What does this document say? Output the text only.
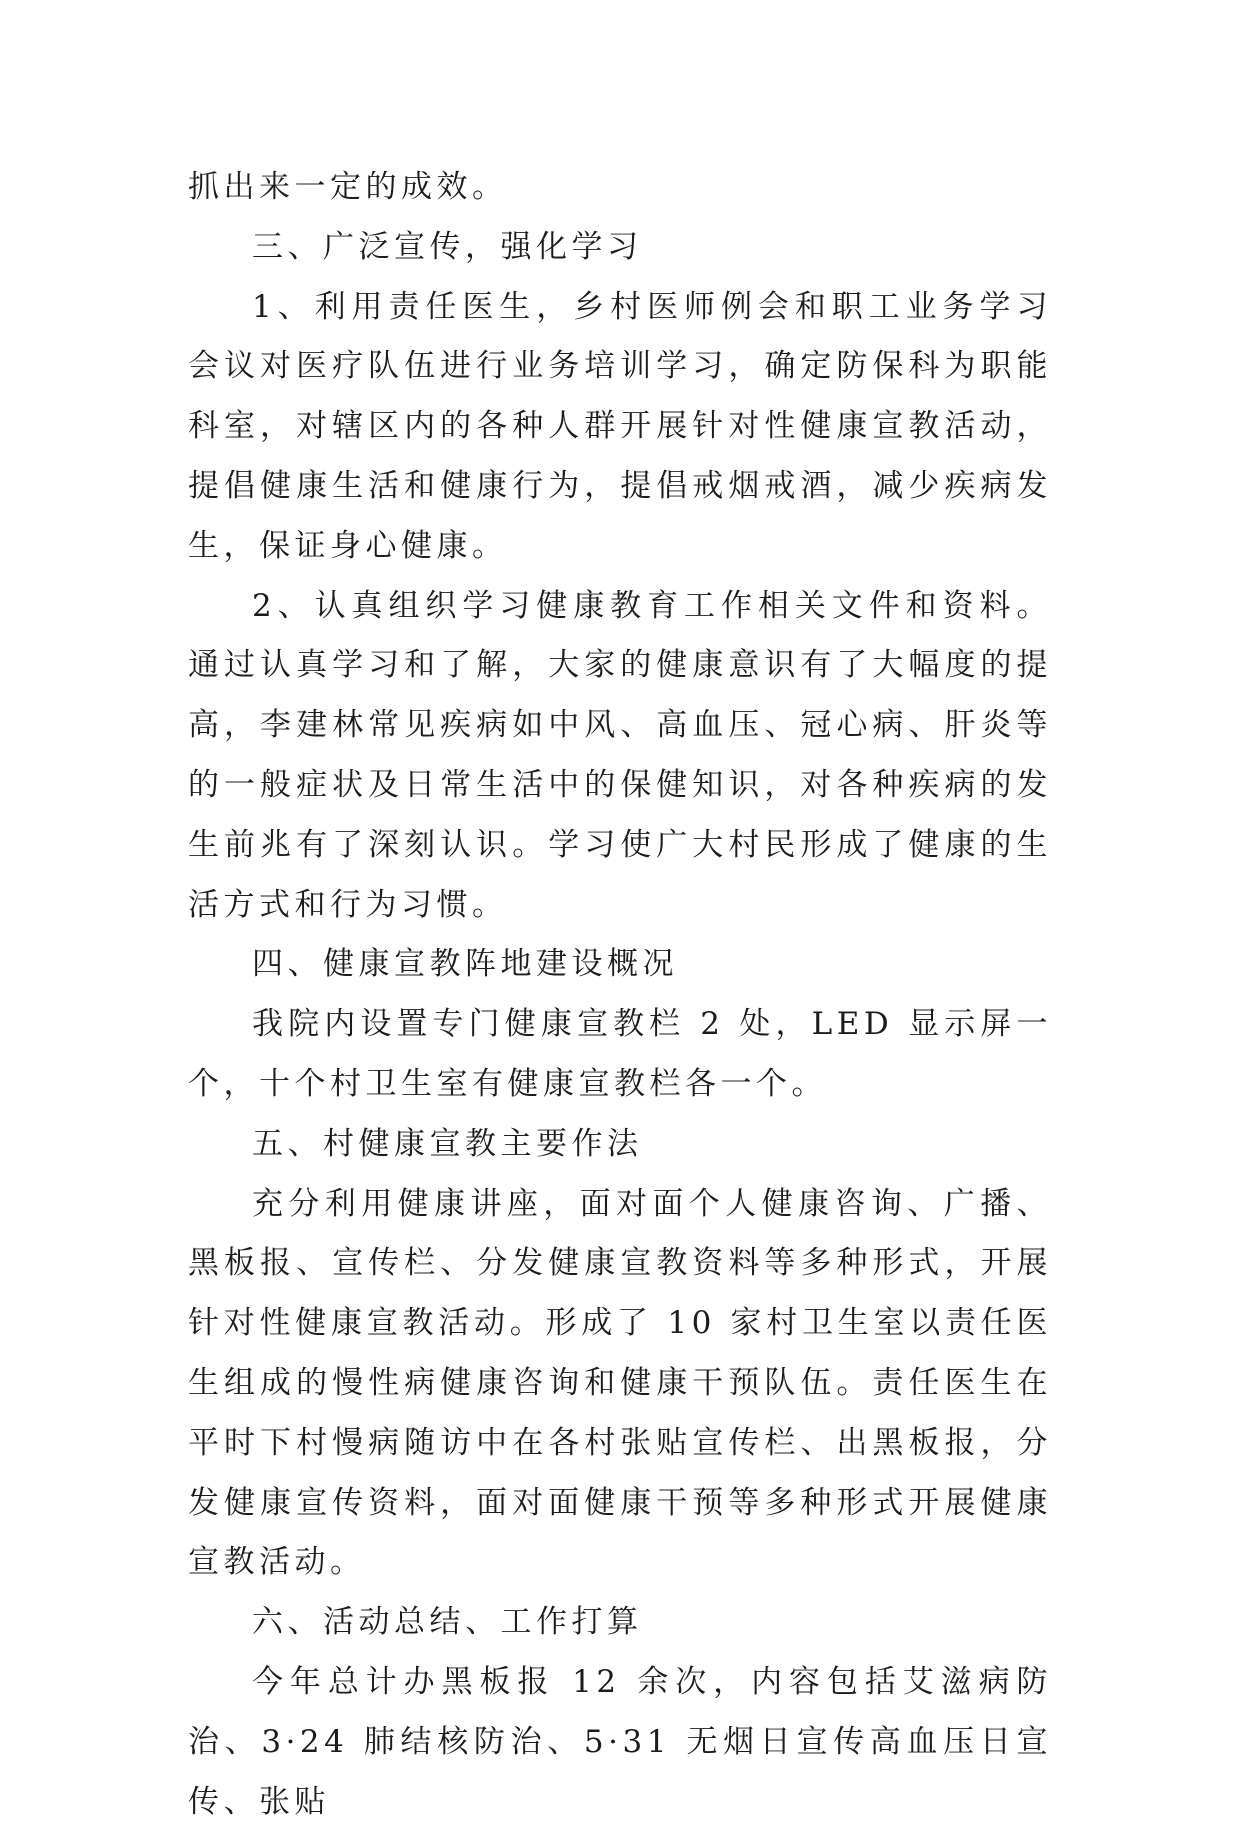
抓出来一定的成效。

三、广泛宣传，强化学习

1、利用责任医生，乡村医师例会和职工业务学习会议对医疗队伍进行业务培训学习，确定防保科为职能科室，对辖区内的各种人群开展针对性健康宣教活动，提倡健康生活和健康行为，提倡戒烟戒酒，减少疾病发生，保证身心健康。

2、认真组织学习健康教育工作相关文件和资料。通过认真学习和了解，大家的健康意识有了大幅度的提高，李建林常见疾病如中风、高血压、冠心病、肝炎等的一般症状及日常生活中的保健知识，对各种疾病的发生前兆有了深刻认识。学习使广大村民形成了健康的生活方式和行为习惯。

四、健康宣教阵地建设概况

我院内设置专门健康宣教栏 2 处，LED 显示屏一个，十个村卫生室有健康宣教栏各一个。

五、村健康宣教主要作法

充分利用健康讲座，面对面个人健康咨询、广播、黑板报、宣传栏、分发健康宣教资料等多种形式，开展针对性健康宣教活动。形成了 10 家村卫生室以责任医生组成的慢性病健康咨询和健康干预队伍。责任医生在平时下村慢病随访中在各村张贴宣传栏、出黑板报，分发健康宣传资料，面对面健康干预等多种形式开展健康宣教活动。

六、活动总结、工作打算

今年总计办黑板报 12 余次，内容包括艾滋病防治、3·24 肺结核防治、5·31 无烟日宣传高血压日宣传、张贴
